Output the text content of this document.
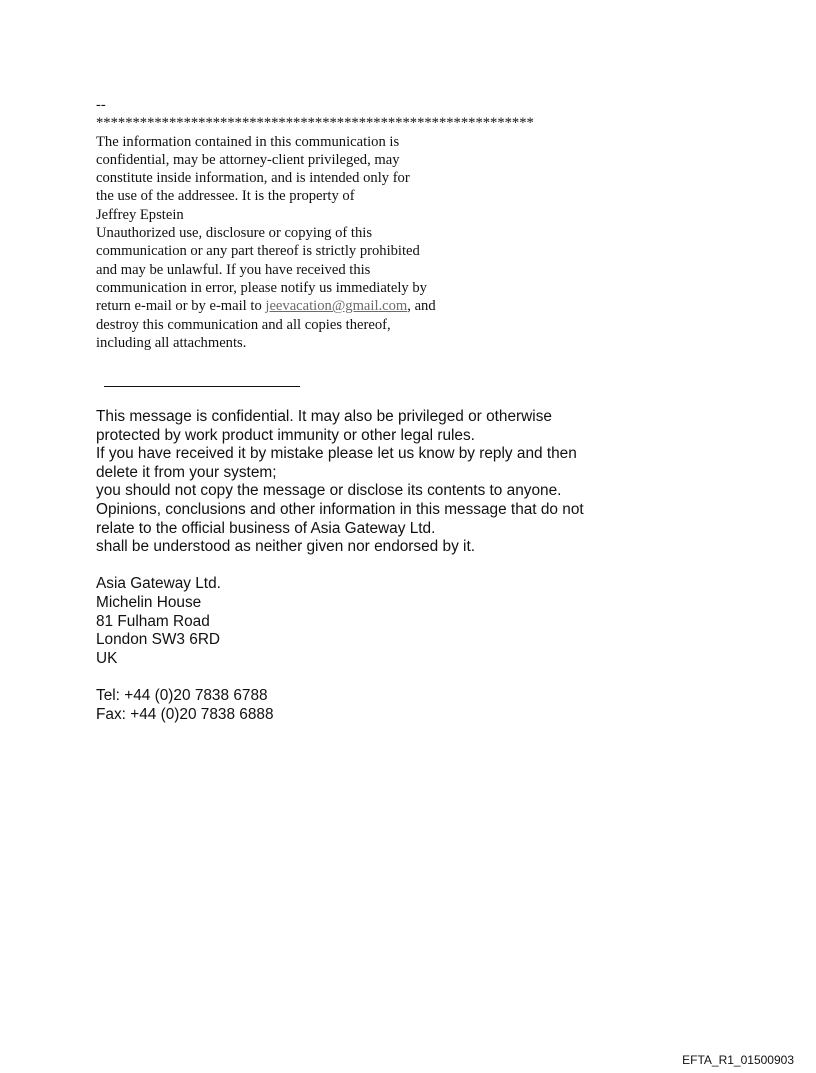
--
************************************************************
The information contained in this communication is
confidential, may be attorney-client privileged, may
constitute inside information, and is intended only for
the use of the addressee. It is the property of
Jeffrey Epstein
Unauthorized use, disclosure or copying of this
communication or any part thereof is strictly prohibited
and may be unlawful. If you have received this
communication in error, please notify us immediately by
return e-mail or by e-mail to jeevacation@gmail.com, and
destroy this communication and all copies thereof,
including all attachments.
This message is confidential. It may also be privileged or otherwise
protected by work product immunity or other legal rules.
If you have received it by mistake please let us know by reply and then
delete it from your system;
you should not copy the message or disclose its contents to anyone.
Opinions, conclusions and other information in this message that do not
relate to the official business of Asia Gateway Ltd.
shall be understood as neither given nor endorsed by it.
Asia Gateway Ltd.
Michelin House
81 Fulham Road
London SW3 6RD
UK
Tel: +44 (0)20 7838 6788
Fax: +44 (0)20 7838 6888
EFTA_R1_01500903
